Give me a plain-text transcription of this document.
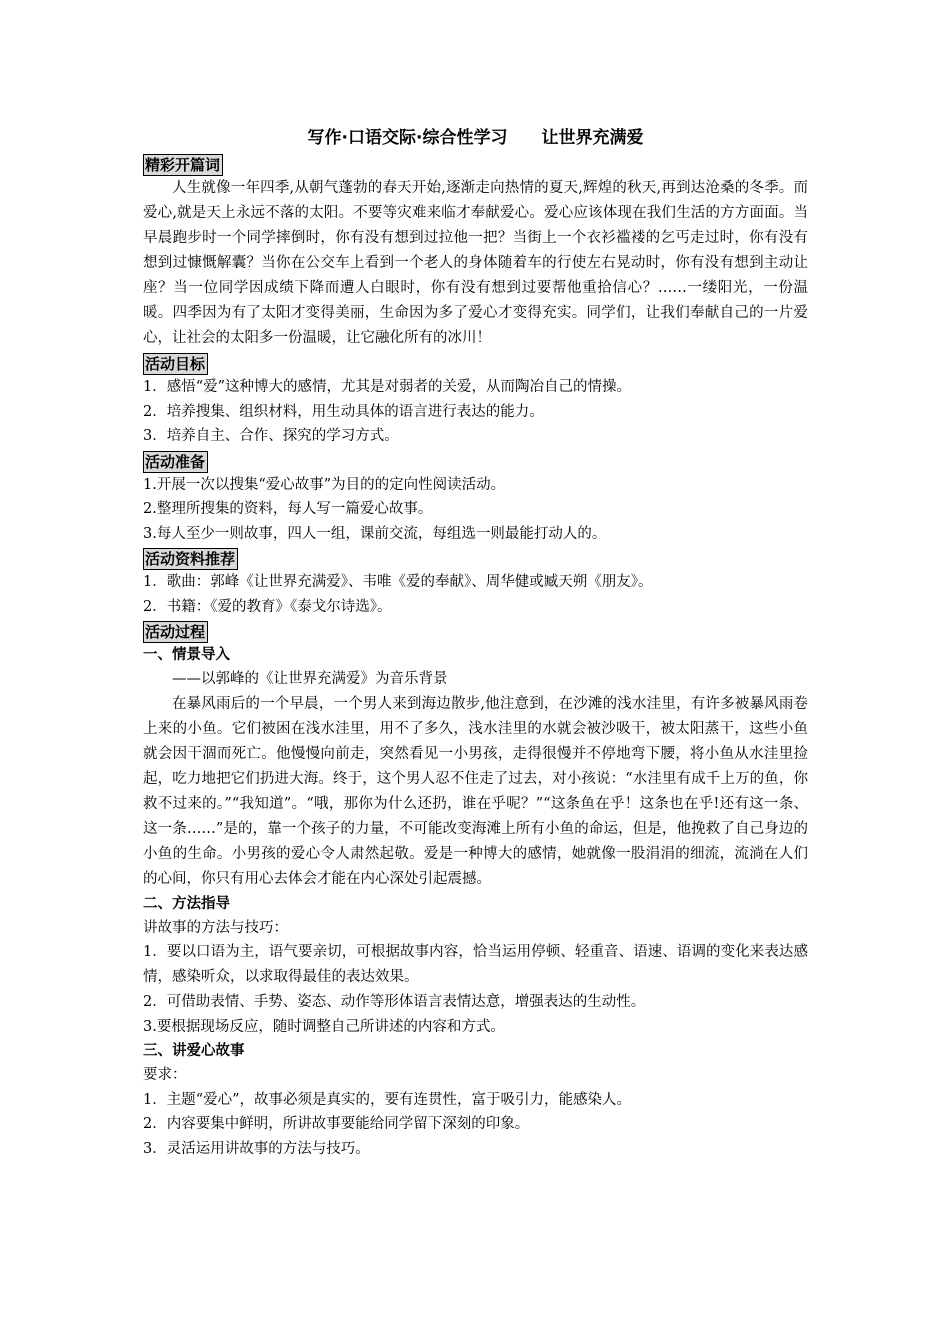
写作·口语交际·综合性学习 让世界充满爱
精彩开篇词

人生就像一年四季,从朝气蓬勃的春天开始,逐渐走向热情的夏天,辉煌的秋天,再到达沧桑的冬季。而爱心,就是天上永远不落的太阳。不要等灾难来临才奉献爱心。爱心应该体现在我们生活的方方面面。当早晨跑步时一个同学摔倒时，你有没有想到过拉他一把？当街上一个衣衫褴褛的乞丐走过时，你有没有想到过慷慨解囊？当你在公交车上看到一个老人的身体随着车的行使左右晃动时，你有没有想到主动让座？当一位同学因成绩下降而遭人白眼时，你有没有想到过要帮他重拾信心？……一缕阳光，一份温暖。四季因为有了太阳才变得美丽，生命因为多了爱心才变得充实。同学们，让我们奉献自己的一片爱心，让社会的太阳多一份温暖，让它融化所有的冰川！

活动目标
1．感悟“爱”这种博大的感情，尤其是对弱者的关爱，从而陶冶自己的情操。
2．培养搜集、组织材料，用生动具体的语言进行表达的能力。
3．培养自主、合作、探究的学习方式。
活动准备
1.开展一次以搜集“爱心故事”为目的的定向性阅读活动。
2.整理所搜集的资料，每人写一篇爱心故事。
3.每人至少一则故事，四人一组，课前交流，每组选一则最能打动人的。
活动资料推荐
1．歌曲：郭峰《让世界充满爱》、韦唯《爱的奉献》、周华健或臧天朔《朋友》。
2．书籍：《爱的教育》《泰戈尔诗选》。
活动过程
一、情景导入
——以郭峰的《让世界充满爱》为音乐背景

在暴风雨后的一个早晨，一个男人来到海边散步,他注意到，在沙滩的浅水洼里，有许多被暴风雨卷上来的小鱼。它们被困在浅水洼里，用不了多久，浅水洼里的水就会被沙吸干，被太阳蒸干，这些小鱼就会因干涸而死亡。他慢慢向前走，突然看见一小男孩，走得很慢并不停地弯下腰，将小鱼从水洼里捡起，吃力地把它们扔进大海。终于，这个男人忍不住走了过去，对小孩说：“水洼里有成千上万的鱼，你救不过来的。”“我知道”。“哦，那你为什么还扔，谁在乎呢？”“这条鱼在乎！这条也在乎!还有这一条、这一条……”是的，靠一个孩子的力量，不可能改变海滩上所有小鱼的命运，但是，他挽救了自己身边的小鱼的生命。小男孩的爱心令人肃然起敬。爱是一种博大的感情，她就像一股涓涓的细流，流淌在人们的心间，你只有用心去体会才能在内心深处引起震撼。

二、方法指导
讲故事的方法与技巧：

1．要以口语为主，语气要亲切，可根据故事内容，恰当运用停顿、轻重音、语速、语调的变化来表达感情，感染听众，以求取得最佳的表达效果。

2．可借助表情、手势、姿态、动作等形体语言表情达意，增强表达的生动性。
3.要根据现场反应，随时调整自己所讲述的内容和方式。
三、讲爱心故事
要求：
1．主题“爱心”，故事必须是真实的，要有连贯性，富于吸引力，能感染人。
2．内容要集中鲜明，所讲故事要能给同学留下深刻的印象。
3．灵活运用讲故事的方法与技巧。
